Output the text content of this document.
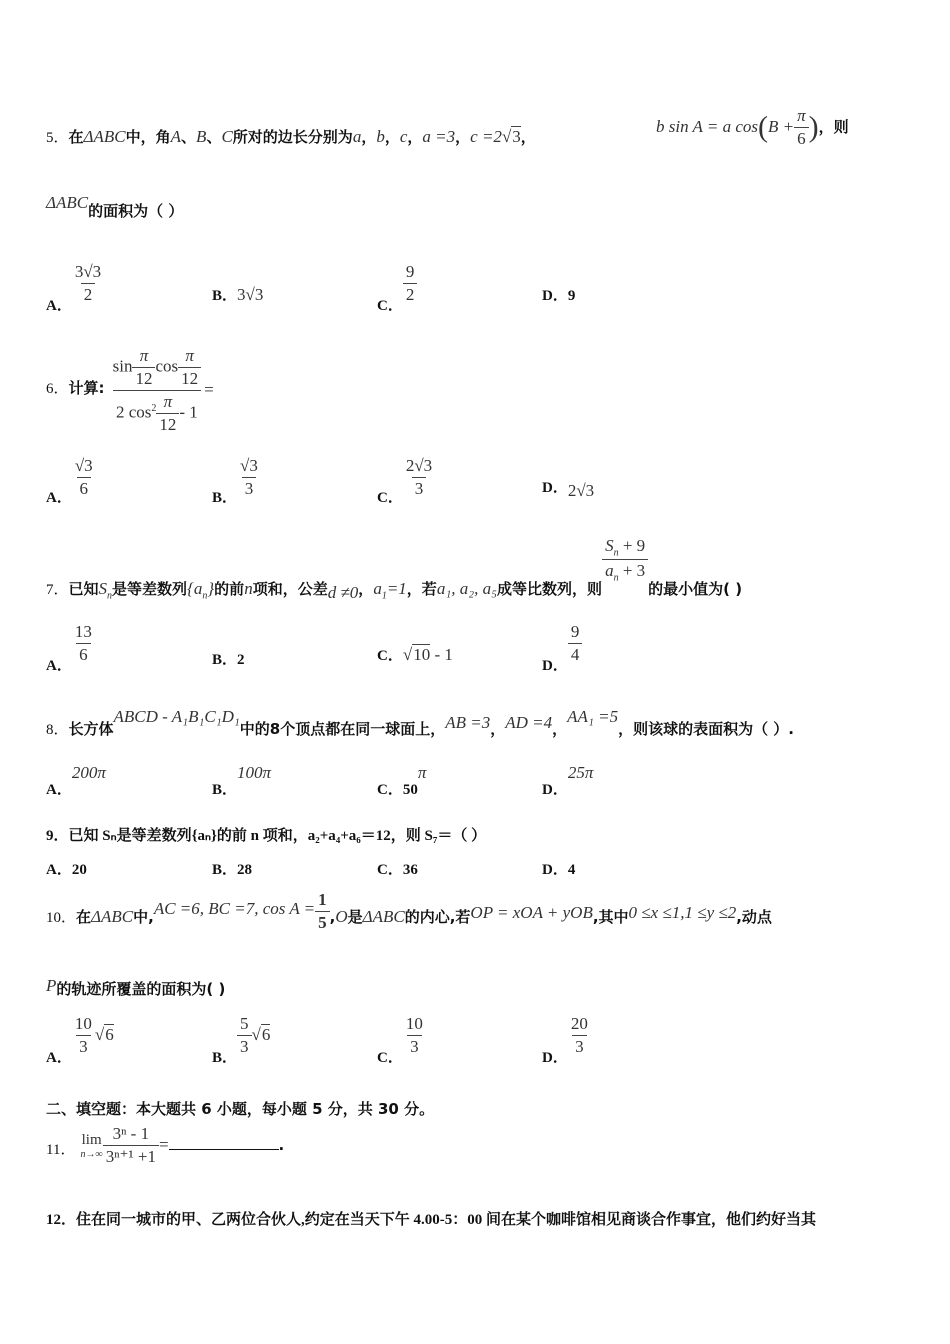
5．在ΔABC中，角A、B、C所对的边长分别为a，b，c，a =3，c =2√3，
b sin A = a $\cos(B + \frac{\pi}{6}$ )，则
ΔABC的面积为（ ）
A．
$\frac{3√3}{2}$	B．3√3
C．
$\frac{9}{2}$	D．9
6．计算: $\frac{\sin \frac{\pi}{12} \cos \frac{\pi}{12}}{2 \cos^2 \frac{\pi}{12} - 1}$ =
A． $\frac{√3}{6}$	B． $\frac{√3}{3}$	C． $\frac{2√3}{3}$	D．2√3
7．已知$S_n$是等差数列$\{a_n\}$的前n项和，公差d ≠0，$a_1=1$，若a₁, a₂, a₅成等比数列，则
$\frac{S_n + 9}{a_n + 3}$
的最小值为( )
A．
$\frac{13}{6}$	B．2	C．√10 - 1
D．
$\frac{9}{4}$
8．长方体ABCD - A₁B₁C₁D₁中的8个顶点都在同一球面上，AB =3，AD =4，AA₁ =5，则该球的表面积为（ ）.
A．200π
B．100π
C．50π
D．25π
9．已知 Sₙ是等差数列{aₙ}的前 n 项和，a₂+a₄+a₆＝12，则 S₇＝（ ）
A．20	B．28	C．36	D．4
10．在ΔABC中,AC =6, BC =7, $\cos A = \frac{1}{5} ,O$是ΔABC的内心,若OP = xOA + yOB,其中0 ≤x ≤1,1 ≤y ≤2,动点
P的轨迹所覆盖的面积为( )
A．
$\frac{10}{3} √6$
B．
$\frac{5}{3} √6$
C．
$\frac{10}{3}$
D．
$\frac{20}{3}$
二、填空题：本大题共 6 小题，每小题 5 分，共 30 分。
11．
lim
$n\to\infty \frac{\text{3ⁿ - 1}}{\text{3ⁿ⁺¹ +1}}$ =	.
12．住在同一城市的甲、乙两位合伙人,约定在当天下午 4.00-5：00 间在某个咖啡馆相见商谈合作事宜，他们约好当其
